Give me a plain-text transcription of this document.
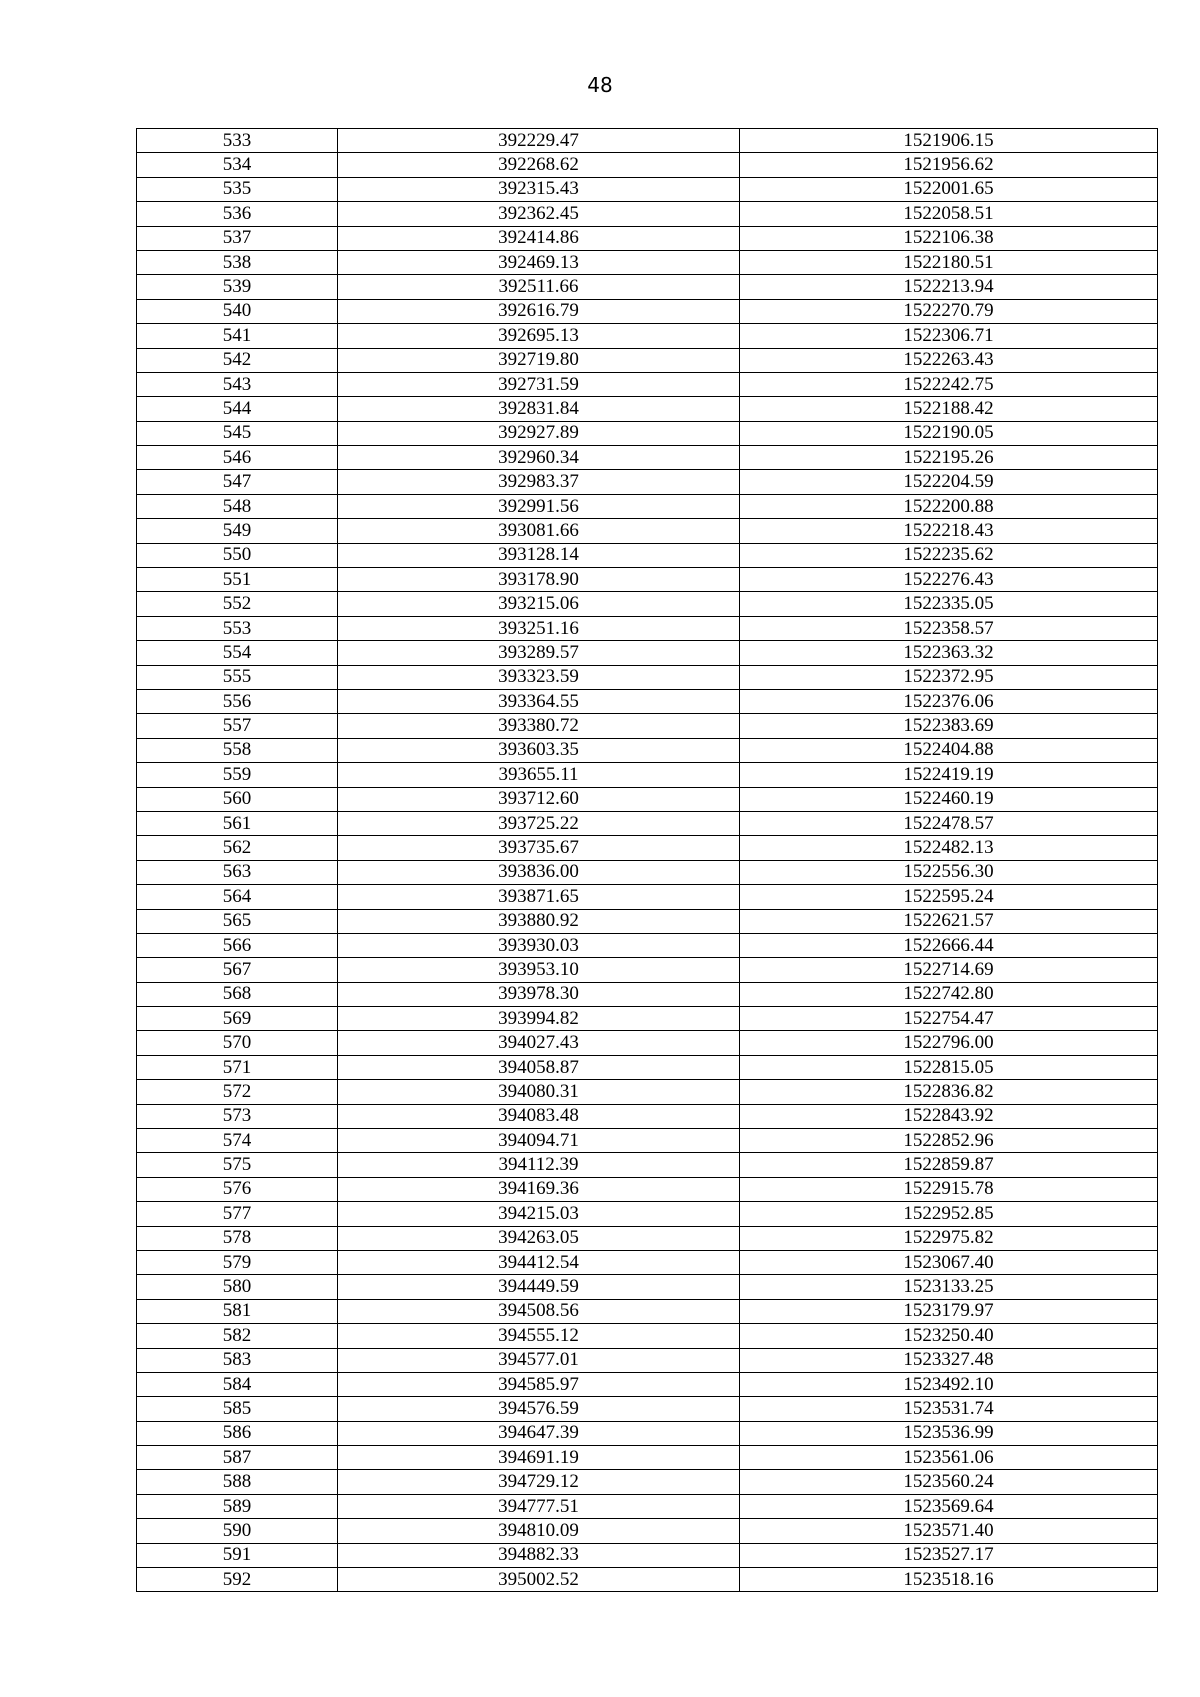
48
533	392229.47	1521906.15
534	392268.62	1521956.62
535	392315.43	1522001.65
536	392362.45	1522058.51
537	392414.86	1522106.38
538	392469.13	1522180.51
539	392511.66	1522213.94
540	392616.79	1522270.79
541	392695.13	1522306.71
542	392719.80	1522263.43
543	392731.59	1522242.75
544	392831.84	1522188.42
545	392927.89	1522190.05
546	392960.34	1522195.26
547	392983.37	1522204.59
548	392991.56	1522200.88
549	393081.66	1522218.43
550	393128.14	1522235.62
551	393178.90	1522276.43
552	393215.06	1522335.05
553	393251.16	1522358.57
554	393289.57	1522363.32
555	393323.59	1522372.95
556	393364.55	1522376.06
557	393380.72	1522383.69
558	393603.35	1522404.88
559	393655.11	1522419.19
560	393712.60	1522460.19
561	393725.22	1522478.57
562	393735.67	1522482.13
563	393836.00	1522556.30
564	393871.65	1522595.24
565	393880.92	1522621.57
566	393930.03	1522666.44
567	393953.10	1522714.69
568	393978.30	1522742.80
569	393994.82	1522754.47
570	394027.43	1522796.00
571	394058.87	1522815.05
572	394080.31	1522836.82
573	394083.48	1522843.92
574	394094.71	1522852.96
575	394112.39	1522859.87
576	394169.36	1522915.78
577	394215.03	1522952.85
578	394263.05	1522975.82
579	394412.54	1523067.40
580	394449.59	1523133.25
581	394508.56	1523179.97
582	394555.12	1523250.40
583	394577.01	1523327.48
584	394585.97	1523492.10
585	394576.59	1523531.74
586	394647.39	1523536.99
587	394691.19	1523561.06
588	394729.12	1523560.24
589	394777.51	1523569.64
590	394810.09	1523571.40
591	394882.33	1523527.17
592	395002.52	1523518.16
